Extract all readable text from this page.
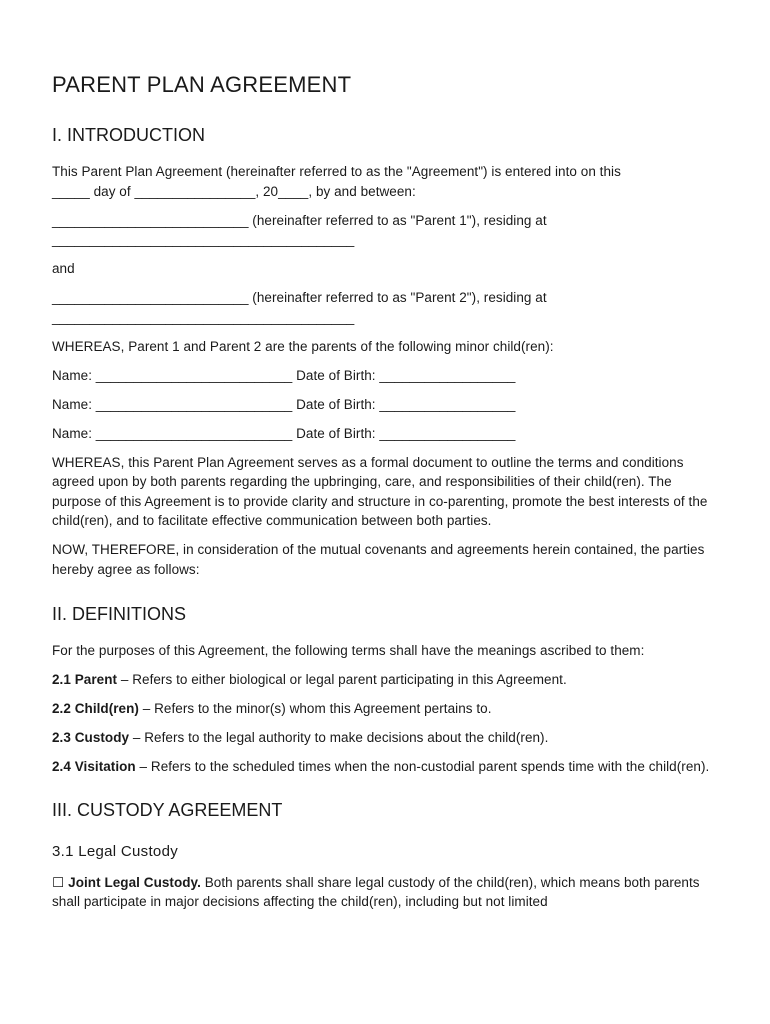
PARENT PLAN AGREEMENT
I. INTRODUCTION

This Parent Plan Agreement (hereinafter referred to as the "Agreement") is entered into on this
_____ day of ________________, 20____, by and between:

__________________________ (hereinafter referred to as "Parent 1"), residing at
________________________________________

and

__________________________ (hereinafter referred to as "Parent 2"), residing at
________________________________________

WHEREAS, Parent 1 and Parent 2 are the parents of the following minor child(ren):

Name: __________________________ Date of Birth: __________________

Name: __________________________ Date of Birth: __________________

Name: __________________________ Date of Birth: __________________

WHEREAS, this Parent Plan Agreement serves as a formal document to outline the terms and conditions agreed upon by both parents regarding the upbringing, care, and responsibilities of their child(ren). The purpose of this Agreement is to provide clarity and structure in co-parenting, promote the best interests of the child(ren), and to facilitate effective communication between both parties.

NOW, THEREFORE, in consideration of the mutual covenants and agreements herein contained, the parties hereby agree as follows:

II. DEFINITIONS

For the purposes of this Agreement, the following terms shall have the meanings ascribed to them:

2.1 Parent – Refers to either biological or legal parent participating in this Agreement.

2.2 Child(ren) – Refers to the minor(s) whom this Agreement pertains to.

2.3 Custody – Refers to the legal authority to make decisions about the child(ren).

2.4 Visitation – Refers to the scheduled times when the non-custodial parent spends time with the child(ren).

III. CUSTODY AGREEMENT
3.1 Legal Custody

☐ Joint Legal Custody. Both parents shall share legal custody of the child(ren), which means both parents shall participate in major decisions affecting the child(ren), including but not limited
